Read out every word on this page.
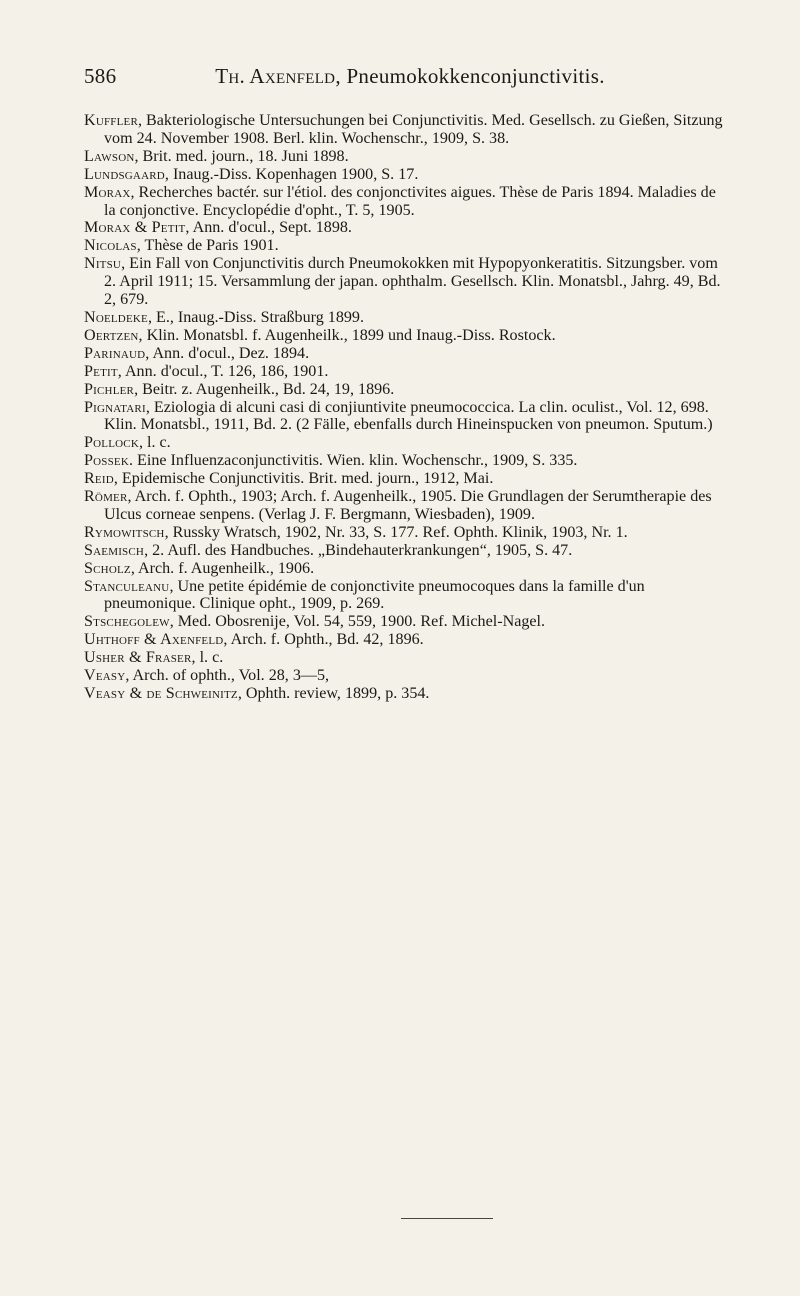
586	Th. Axenfeld, Pneumokokkenconjunctivitis.
Kuffler, Bakteriologische Untersuchungen bei Conjunctivitis. Med. Gesellsch. zu Gießen, Sitzung vom 24. November 1908. Berl. klin. Wochenschr., 1909, S. 38.
Lawson, Brit. med. journ., 18. Juni 1898.
Lundsgaard, Inaug.-Diss. Kopenhagen 1900, S. 17.
Morax, Recherches bactér. sur l'étiol. des conjonctivites aigues. Thèse de Paris 1894. Maladies de la conjonctive. Encyclopédie d'opht., T. 5, 1905.
Morax & Petit, Ann. d'ocul., Sept. 1898.
Nicolas, Thèse de Paris 1901.
Nitsu, Ein Fall von Conjunctivitis durch Pneumokokken mit Hypopyonkeratitis. Sitzungsber. vom 2. April 1911; 15. Versammlung der japan. ophthalm. Gesellsch. Klin. Monatsbl., Jahrg. 49, Bd. 2, 679.
Noeldeke, E., Inaug.-Diss. Straßburg 1899.
Oertzen, Klin. Monatsbl. f. Augenheilk., 1899 und Inaug.-Diss. Rostock.
Parinaud, Ann. d'ocul., Dez. 1894.
Petit, Ann. d'ocul., T. 126, 186, 1901.
Pichler, Beitr. z. Augenheilk., Bd. 24, 19, 1896.
Pignatari, Eziologia di alcuni casi di conjiuntivite pneumococcica. La clin. oculist., Vol. 12, 698. Klin. Monatsbl., 1911, Bd. 2. (2 Fälle, ebenfalls durch Hineinspucken von pneumon. Sputum.)
Pollock, l. c.
Possek. Eine Influenzaconjunctivitis. Wien. klin. Wochenschr., 1909, S. 335.
Reid, Epidemische Conjunctivitis. Brit. med. journ., 1912, Mai.
Römer, Arch. f. Ophth., 1903; Arch. f. Augenheilk., 1905. Die Grundlagen der Serumtherapie des Ulcus corneae senpens. (Verlag J. F. Bergmann, Wiesbaden), 1909.
Rymowitsch, Russky Wratsch, 1902, Nr. 33, S. 177. Ref. Ophth. Klinik, 1903, Nr. 1.
Saemisch, 2. Aufl. des Handbuches. „Bindehauterkrankungen“, 1905, S. 47.
Scholz, Arch. f. Augenheilk., 1906.
Stanculeanu, Une petite épidémie de conjonctivite pneumocoques dans la famille d'un pneumonique. Clinique opht., 1909, p. 269.
Stschegolew, Med. Obosrenije, Vol. 54, 559, 1900. Ref. Michel-Nagel.
Uhthoff & Axenfeld, Arch. f. Ophth., Bd. 42, 1896.
Usher & Fraser, l. c.
Veasy, Arch. of ophth., Vol. 28, 3—5,
Veasy & de Schweinitz, Ophth. review, 1899, p. 354.
